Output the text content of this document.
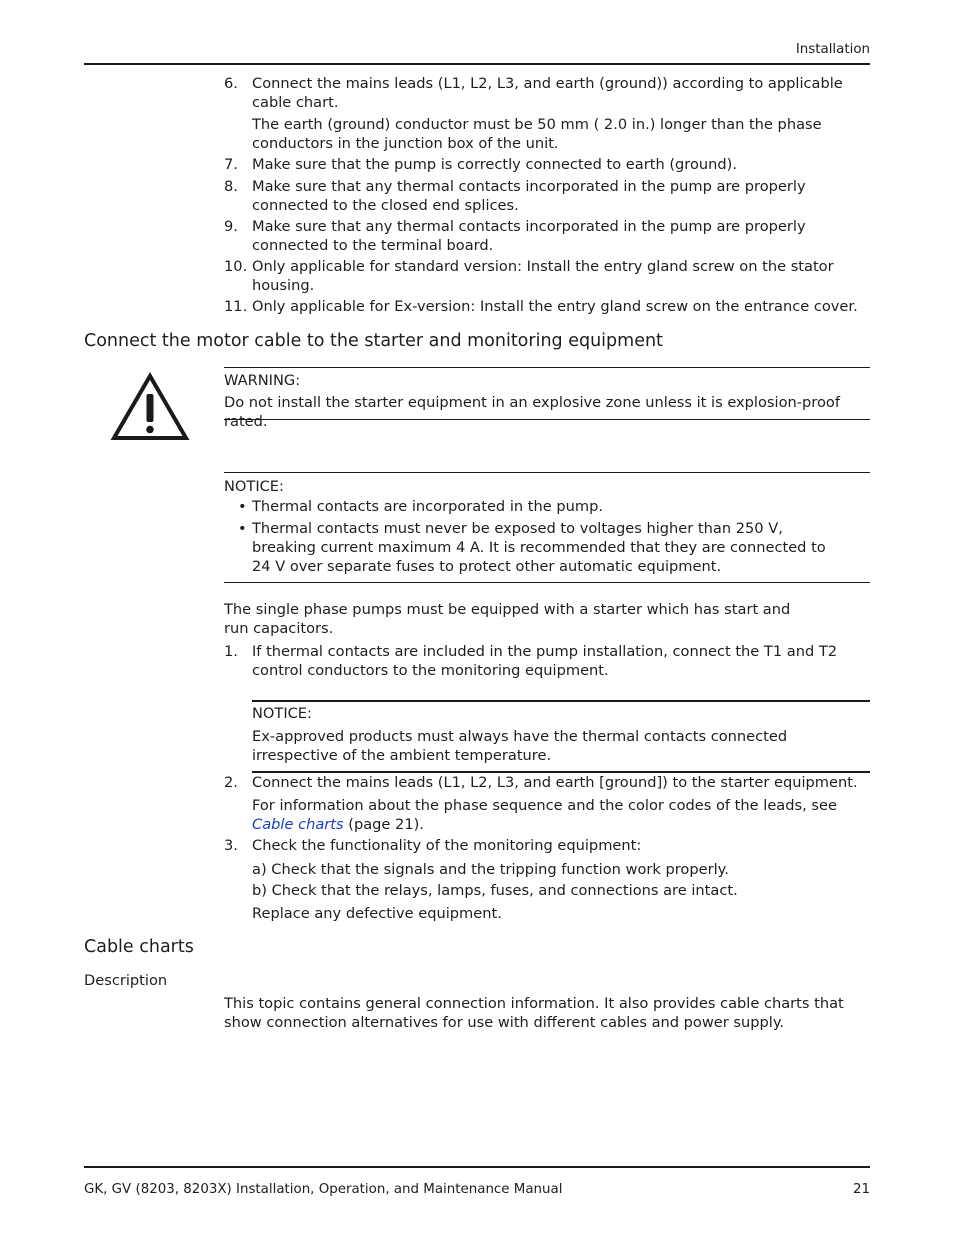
Installation
6. Connect the mains leads (L1, L2, L3, and earth (ground)) according to applicable cable chart.
The earth (ground) conductor must be 50 mm ( 2.0 in.) longer than the phase conductors in the junction box of the unit.
7. Make sure that the pump is correctly connected to earth (ground).
8. Make sure that any thermal contacts incorporated in the pump are properly connected to the closed end splices.
9. Make sure that any thermal contacts incorporated in the pump are properly connected to the terminal board.
10. Only applicable for standard version: Install the entry gland screw on the stator housing.
11. Only applicable for Ex-version: Install the entry gland screw on the entrance cover.
Connect the motor cable to the starter and monitoring equipment
WARNING:
Do not install the starter equipment in an explosive zone unless it is explosion-proof rated.
NOTICE:
• Thermal contacts are incorporated in the pump.
• Thermal contacts must never be exposed to voltages higher than 250 V, breaking current maximum 4 A. It is recommended that they are connected to 24 V over separate fuses to protect other automatic equipment.
The single phase pumps must be equipped with a starter which has start and run capacitors.
1. If thermal contacts are included in the pump installation, connect the T1 and T2 control conductors to the monitoring equipment.
NOTICE:
Ex-approved products must always have the thermal contacts connected irrespective of the ambient temperature.
2. Connect the mains leads (L1, L2, L3, and earth [ground]) to the starter equipment.
For information about the phase sequence and the color codes of the leads, see Cable charts (page 21).
3. Check the functionality of the monitoring equipment:
a) Check that the signals and the tripping function work properly.
b) Check that the relays, lamps, fuses, and connections are intact.
Replace any defective equipment.
Cable charts
Description
This topic contains general connection information. It also provides cable charts that show connection alternatives for use with different cables and power supply.
GK, GV (8203, 8203X) Installation, Operation, and Maintenance Manual	21
